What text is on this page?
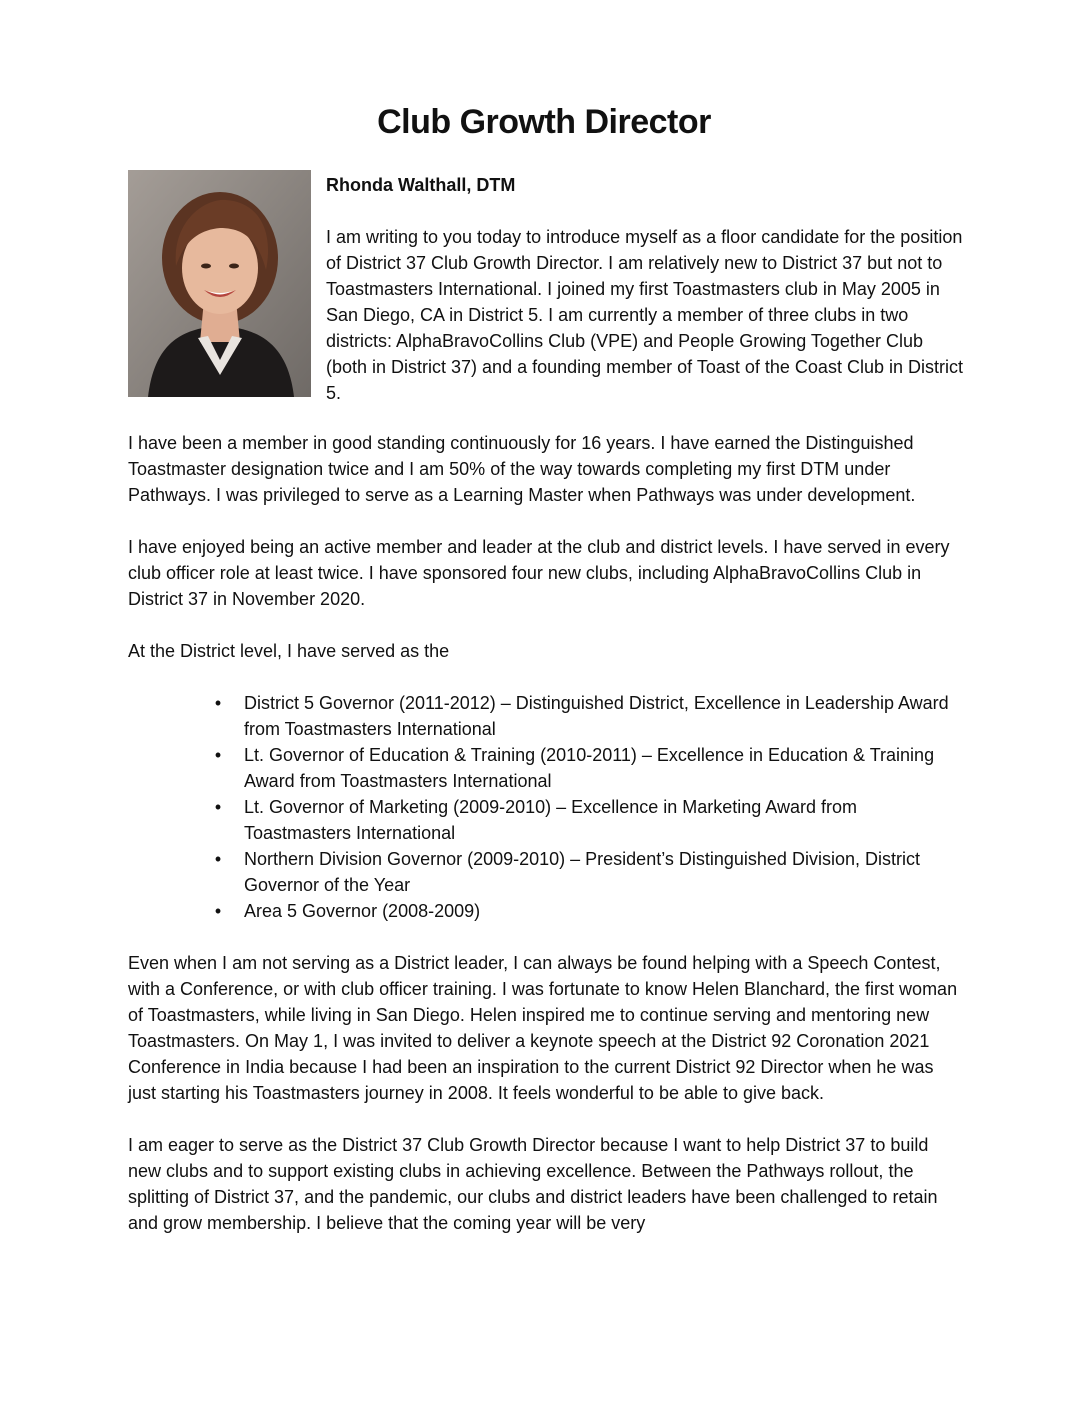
Club Growth Director

Rhonda Walthall, DTM

I am writing to you today to introduce myself as a floor candidate for the position of District 37 Club Growth Director. I am relatively new to District 37 but not to Toastmasters International. I joined my first Toastmasters club in May 2005 in San Diego, CA in District 5. I am currently a member of three clubs in two districts: AlphaBravoCollins Club (VPE) and People Growing Together Club (both in District 37) and a founding member of Toast of the Coast Club in District 5.

I have been a member in good standing continuously for 16 years. I have earned the Distinguished Toastmaster designation twice and I am 50% of the way towards completing my first DTM under Pathways. I was privileged to serve as a Learning Master when Pathways was under development.

I have enjoyed being an active member and leader at the club and district levels. I have served in every club officer role at least twice. I have sponsored four new clubs, including AlphaBravoCollins Club in District 37 in November 2020.

At the District level, I have served as the

• District 5 Governor (2011-2012) – Distinguished District, Excellence in Leadership Award from Toastmasters International
• Lt. Governor of Education & Training (2010-2011) – Excellence in Education & Training Award from Toastmasters International
• Lt. Governor of Marketing (2009-2010) – Excellence in Marketing Award from Toastmasters International
• Northern Division Governor (2009-2010) – President’s Distinguished Division, District Governor of the Year
• Area 5 Governor (2008-2009)

Even when I am not serving as a District leader, I can always be found helping with a Speech Contest, with a Conference, or with club officer training. I was fortunate to know Helen Blanchard, the first woman of Toastmasters, while living in San Diego. Helen inspired me to continue serving and mentoring new Toastmasters. On May 1, I was invited to deliver a keynote speech at the District 92 Coronation 2021 Conference in India because I had been an inspiration to the current District 92 Director when he was just starting his Toastmasters journey in 2008. It feels wonderful to be able to give back.

I am eager to serve as the District 37 Club Growth Director because I want to help District 37 to build new clubs and to support existing clubs in achieving excellence. Between the Pathways rollout, the splitting of District 37, and the pandemic, our clubs and district leaders have been challenged to retain and grow membership. I believe that the coming year will be very
